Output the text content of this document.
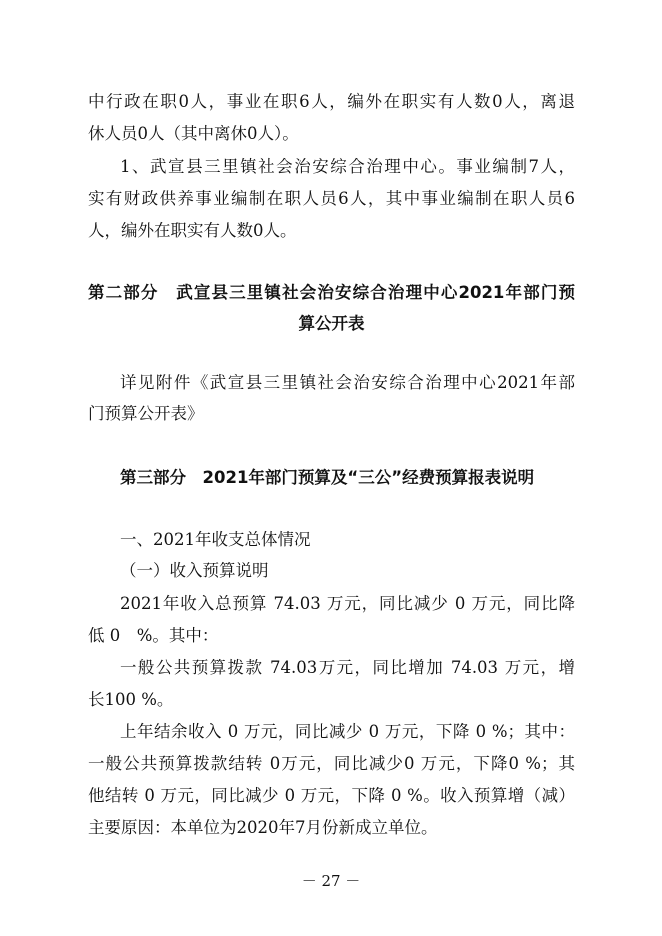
中行政在职0人，事业在职6人，编外在职实有人数0人，离退
休人员0人（其中离休0人）。
1、武宣县三里镇社会治安综合治理中心。事业编制7人，
实有财政供养事业编制在职人员6人，其中事业编制在职人员6
人，编外在职实有人数0人。
第二部分　武宣县三里镇社会治安综合治理中心2021年部门预
算公开表
详见附件《武宣县三里镇社会治安综合治理中心2021年部
门预算公开表》
第三部分　2021年部门预算及“三公”经费预算报表说明
一、2021年收支总体情况
（一）收入预算说明
2021年收入总预算 74.03 万元，同比减少 0 万元，同比降
低 0　%。其中：
一般公共预算拨款 74.03万元，同比增加 74.03 万元，增
长100 %。
上年结余收入 0 万元，同比减少 0 万元，下降 0 %；其中：
一般公共预算拨款结转 0万元，同比减少0 万元，下降0 %；其
他结转 0 万元，同比减少 0 万元，下降 0 %。收入预算增（减）
主要原因：本单位为2020年7月份新成立单位。
－ 27 －
